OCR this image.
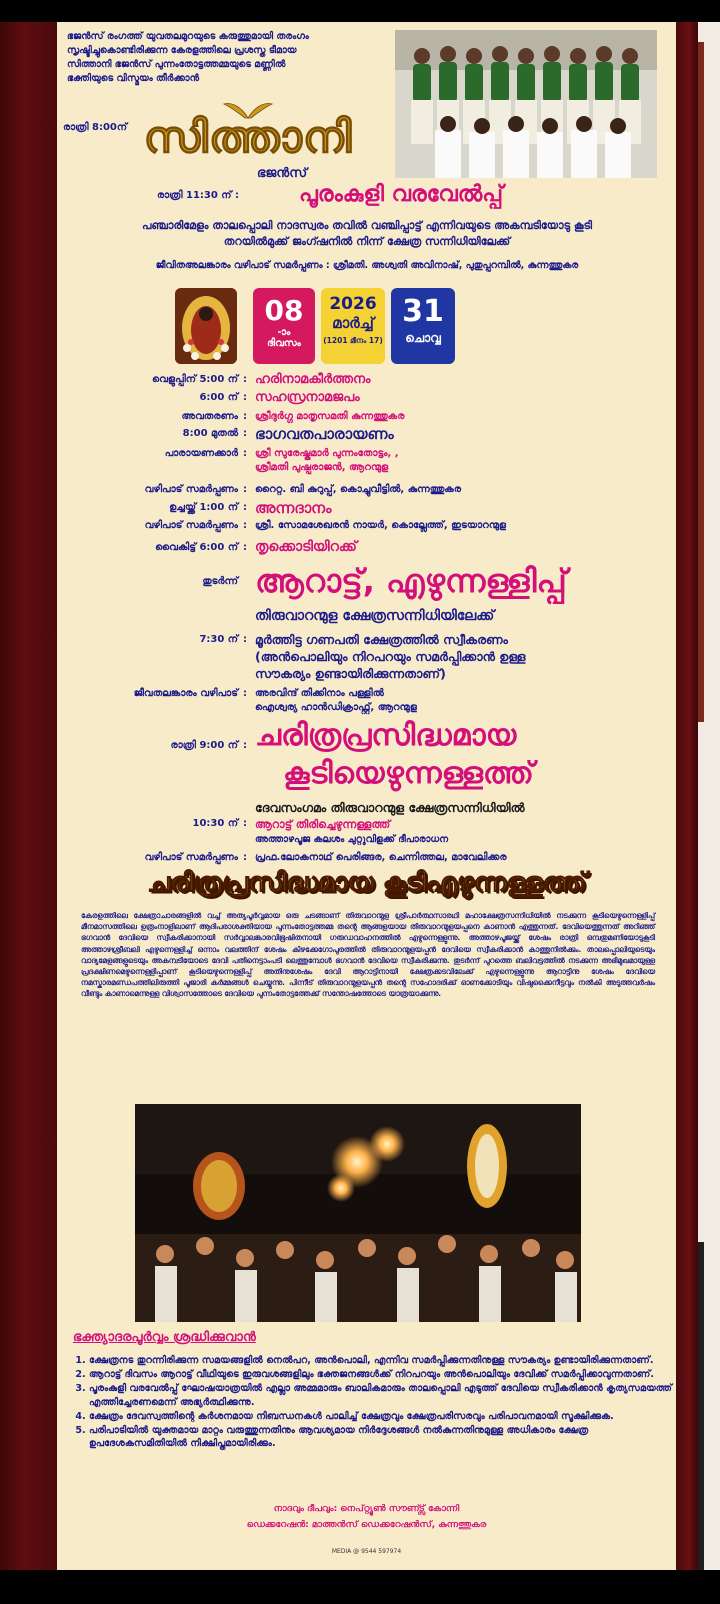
ഭജൻസ് രംഗത്ത് യുവതലമുറയുടെ കരുത്തുമായി തരംഗം
സൃഷ്ടിച്ചുകൊണ്ടിരിക്കുന്ന കേരളത്തിലെ പ്രശസ്ത ടീമായ
സിത്താനി ഭജൻസ് പുന്നംതോട്ടത്തമ്മയുടെ മണ്ണിൽ
ഭക്തിയുടെ വിസ്മയം തീർക്കാൻ
രാത്രി 8:00ന് സിത്താനി
ഭജൻസ്
രാത്രി 11:30 ന് :	പൂരംകുളി വരവേൽപ്പ്
പഞ്ചാരിമേളം താലപ്പൊലി നാദസ്വരം തവിൽ വഞ്ചിപ്പാട്ട് എന്നിവയുടെ അകമ്പടിയോടു കൂടി
തറയിൽമുക്ക് ജംഗ്ഷനിൽ നിന്ന് ക്ഷേത്ര സന്നിധിയിലേക്ക്
ജീവിതഅലങ്കാരം വഴിപാട് സമർപ്പണം : ശ്രീമതി. അശ്വതി അവിനാഷ്, പുതുപ്പറമ്പിൽ, കുന്നത്തുകര
08
-ാം
ദിവസം
2026
മാർച്ച്
(1201 മീനം 17)
31
ചൊവ്വ
വെളുപ്പിന് 5:00 ന് : ഹരിനാമകീർത്തനം
6:00 ന് : സഹസ്രനാമജപം
അവതരണം : ശ്രീദുർഗ്ഗ മാതൃസമതി കുന്നത്തുകര
8:00 മുതൽ : ഭാഗവതപാരായണം
പാരായണക്കാർ : ശ്രീ സുരേഷ്കുമാർ പുന്നംതോട്ടം, ,
ശ്രീമതി പുഷ്പരാജൻ, ആറന്മുള
വഴിപാട് സമർപ്പണം : റൈറ്റ. ബി കുറുപ്പ്, കൊച്ചുവീട്ടിൽ, കുന്നത്തുകര
ഉച്ചയ്ക്ക് 1:00 ന് : അന്നദാനം
വഴിപാട് സമർപ്പണം : ശ്രീ. സോമശേഖരൻ നായർ, കൊല്ലേത്ത്, ഇടയാറന്മുള
വൈകിട്ട് 6:00 ന് : തൃക്കൊടിയിറക്ക്
തുടർന്ന് ആറാട്ട്, എഴുന്നള്ളിപ്പ്
തിരുവാറന്മുള ക്ഷേത്രസന്നിധിയിലേക്ക്
7:30 ന് : മൂർത്തിട്ട ഗണപതി ക്ഷേത്രത്തിൽ സ്വീകരണം
(അൻപൊലിയും നിറപറയും സമർപ്പിക്കാൻ ഉള്ള
സൗകര്യം ഉണ്ടായിരിക്കുന്നതാണ്)
ജീവതലങ്കാരം വഴിപാട് : അരവിന്ദ് തിക്കിനാം പള്ളിൽ
ഐശ്വര്യ ഹാൻഡിക്രാഫ്റ്റ്, ആറന്മുള
രാത്രി 9:00 ന് : ചരിത്രപ്രസിദ്ധമായ
കൂടിയെഴുന്നള്ളത്ത്
ദേവസംഗമം തിരുവാറന്മുള ക്ഷേത്രസന്നിധിയിൽ
10:30 ന് : ആറാട്ട് തിരിച്ചെഴുന്നള്ളത്ത്
അത്താഴപൂജ കലശം ചുറ്റുവിളക്ക് ദീപാരാധന
വഴിപാട് സമർപ്പണം : പ്രഫ.ലോകനാഥ് പെരിങ്ങര, ചെന്നിത്തല, മാവേലിക്കര
ചരിത്രപ്രസിദ്ധമായ കൂടിഎഴുന്നള്ളത്ത്
കേരളത്തിലെ ക്ഷേത്രാചാരങ്ങളിൽ വച്ച് അത്യപൂർവ്വമായ ഒരു ചടങ്ങാണ് തിരുവാറന്മുള ശ്രീപാർത്ഥസാരഥി മഹാക്ഷേത്രസന്നിധിയിൽ നടക്കുന്ന കൂടിയെഴുന്നെള്ളിപ്പ് മീനമാസത്തിലെ ഉത്രംനാളിലാണ് ആദിപരാശക്തിയായ പുന്നംതോട്ടത്തമ്മ തന്റെ ആങ്ങളയായ തിരുവാറന്മുളയപ്പനെ കാണാൻ എത്തുന്നത്. ദേവിയെത്തുന്നത് അറിഞ്ഞ് ഭഗവാൻ ദേവിയെ സ്വീകരിക്കാനായി സർവ്വാലങ്കാരവിഭൂഷിതനായി ഗരുഡവാഹനത്തിൽ എഴുന്നെള്ളുന്നു. അത്താഴപൂജയ്ക്ക് ശേഷം രാത്രി ഒമ്പതുമണിയോടുകൂടി അത്താഴശ്രീബലി എഴുന്നെള്ളിച്ച് ഒന്നാം വലത്തിന് ശേഷം കിഴക്കേഗോപുരത്തിൽ തിരുവാറന്മുളയപ്പൻ ദേവിയെ സ്വീകരിക്കാൻ കാത്തുനിൽക്കും. താലപ്പൊലിയുടെയും വാദ്യമേളങ്ങളുടെയും അകമ്പടിയോടെ ദേവി പതിനെട്ടാംപടി ലെത്തുമ്പോൾ ഭഗവാൻ ദേവിയെ സ്വീകരിക്കുന്നു. തുടർന്ന് പുറത്തെ ബലിവട്ടത്തിൽ നടക്കുന്ന അഭിമുഖമായുള്ള പ്രദക്ഷിണമെഴുന്നെള്ളിപ്പാണ് കൂടിയെഴുന്നെള്ളിപ്പ് അതിനുശേഷം ദേവി ആറാട്ടിനായി ക്ഷേത്രക്കടവിലേക്ക് എഴുന്നെള്ളുന്നു ആറാട്ടിനു ശേഷം ദേവിയെ നമസ്കാരമണ്ഡപത്തിലിരുത്തി പൂജാരി കർമ്മങ്ങൾ ചെയ്യുന്നു. പിന്നീട് തിരുവാറന്മുളയപ്പൻ തന്റെ സഹോദരിക്ക് ഓണക്കോടിയും വിഷുക്കൈനീട്ടവും നൽകി അടുത്തവർഷം വീണ്ടും കാണാമെന്നുള്ള വിശ്വാസത്തോടെ ദേവിയെ പുന്നംതോട്ടത്തേക്ക് സന്തോഷത്തോടെ യാത്രയാക്കുന്നു.
ഭക്ത്യാദരപൂർവ്വം ശ്രദ്ധിക്കുവാൻ
1. ക്ഷേത്രനട തുറന്നിരിക്കുന്ന സമയങ്ങളിൽ നെൽപറ, അൻപൊലി, എന്നിവ സമർപ്പിക്കുന്നതിനുള്ള സൗകര്യം ഉണ്ടായിരിക്കുന്നതാണ്.
2. ആറാട്ട് ദിവസം ആറാട്ട് വീഥിയുടെ ഇരുവശങ്ങളിലും ഭക്തജനങ്ങൾക്ക് നിറപറയും അൻപൊലിയും ദേവിക്ക് സമർപ്പിക്കാവുന്നതാണ്.
3. പൂരംകുളി വരവേൽപ്പ് ഘോഷയാത്രയിൽ എല്ലാ അമ്മമാരും ബാലികമാരും താലപ്പൊലി എടുത്ത് ദേവിയെ സ്വീകരിക്കാൻ കൃത്യസമയത്ത് എത്തിച്ചേരണമെന്ന് അഭ്യർത്ഥിക്കുന്നു.
4. ക്ഷേത്രം ദേവസ്വത്തിന്റെ കർശനമായ നിബന്ധനകൾ പാലിച്ച് ക്ഷേത്രവും ക്ഷേത്രപരിസരവും പരിപാവനമായി സൂക്ഷിക്കുക.
5. പരിപാടിയിൽ യുക്തമായ മാറ്റം വരുത്തുന്നതിനും ആവശ്യമായ നിർദ്ദേശങ്ങൾ നൽകുന്നതിനുമുള്ള അധികാരം ക്ഷേത്ര ഉപദേശകസമിതിയിൽ നിക്ഷിപ്തമായിരിക്കും.
നാദവും ദീപവും: നെപ്റ്റ്യൂൺ സൗണ്ട്സ് കോന്നി
ഡെക്കറേഷൻ: മാത്തൻസ് ഡെക്കറേഷൻസ്, കുന്നത്തുകര
MEDIA @ 9544 597974
